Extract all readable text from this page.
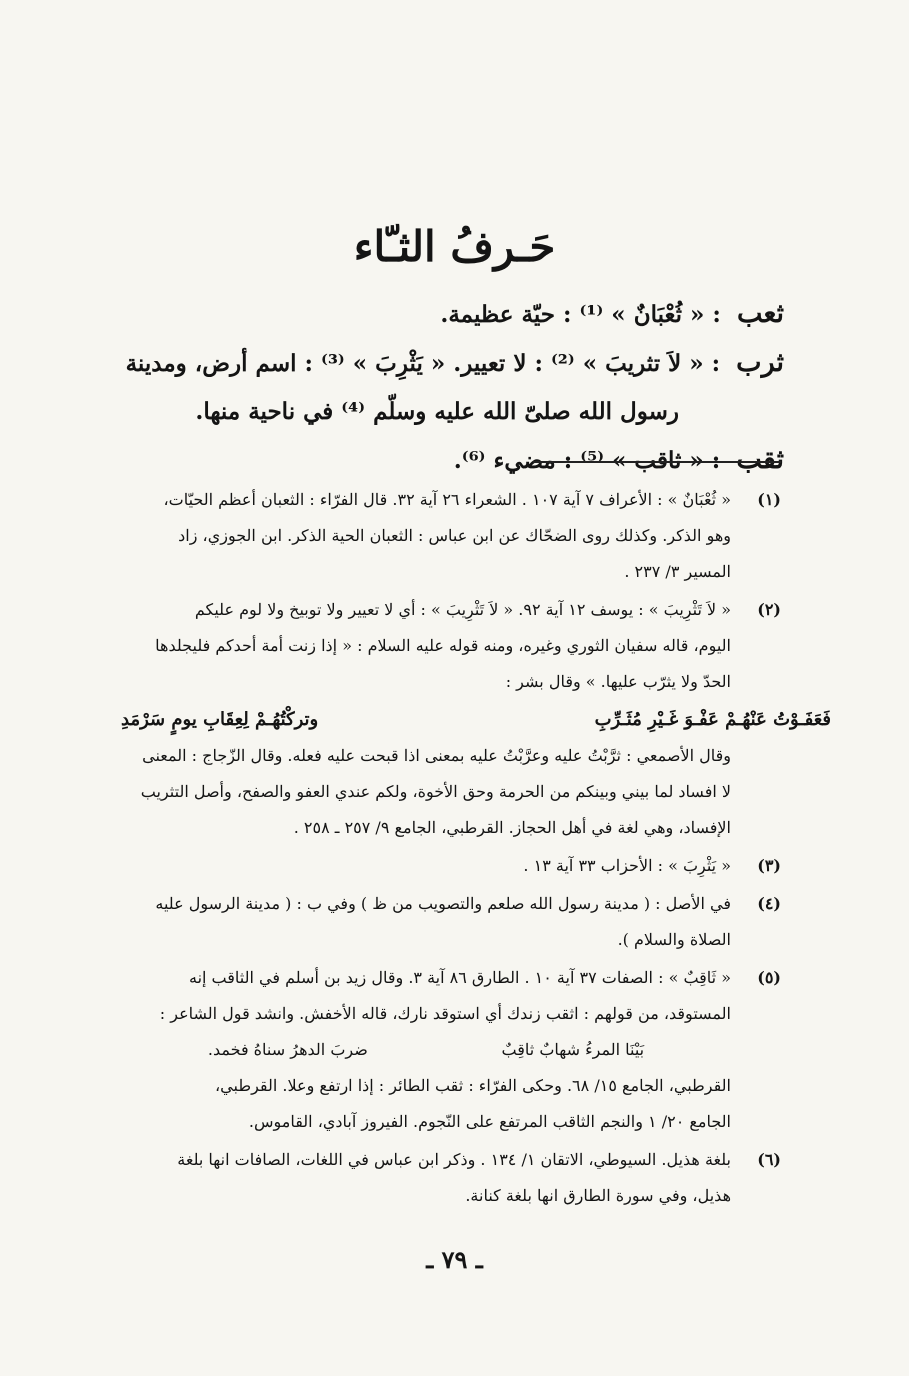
حَـرفُ الثـّاء
ثعب : « ثُعْبَانٌ » ⁽¹⁾ : حيّة عظيمة.
ثرب : « لاَ تثريبَ » ⁽²⁾ : لا تعيير. « يَثْرِبَ » ⁽³⁾ : اسم أرض، ومدينة
رسول الله صلىّ الله عليه وسلّم ⁽⁴⁾ في ناحية منها.
ثقب : « ثاقب » ⁽⁵⁾ : مضيء ⁽⁶⁾.
(١)

« ثُعْبَانٌ » : الأعراف ٧ آية ١٠٧ . الشعراء ٢٦ آية ٣٢. قال الفرّاء : الثعبان أعظم الحيّات،

وهو الذكر. وكذلك روى الضحّاك عن ابن عباس : الثعبان الحية الذكر. ابن الجوزي، زاد

المسير ٣/ ٢٣٧ .

(٢)

« لاَ تَثْرِيبَ » : يوسف ١٢ آية ٩٢. « لاَ تَثْرِيبَ » : أي لا تعيير ولا توبيخ ولا لوم عليكم

اليوم، قاله سفيان الثوري وغيره، ومنه قوله عليه السلام : « إذا زنت أمة أحدكم فليجلدها

الحدّ ولا يثرّب عليها. » وقال بشر :

فَعَفَـوْتُ عَنْهُـمْ عَفْـوَ غَـيْرِ مُثَـرِّبِ
وتركْتُهُـمْ لِعِقَابِ يومٍ سَرْمَدِ

وقال الأصمعي : ثرَّبْتُ عليه وعرَّبْتُ عليه بمعنى اذا قبحت عليه فعله. وقال الزّجاج : المعنى

لا افساد لما بيني وبينكم من الحرمة وحق الأخوة، ولكم عندي العفو والصفح، وأصل التثريب

الإفساد، وهي لغة في أهل الحجاز. القرطبي، الجامع ٩/ ٢٥٧ ـ ٢٥٨ .

(٣)

« يَثْرِبَ » : الأحزاب ٣٣ آية ١٣ .

(٤)

في الأصل : ( مدينة رسول الله صلعم والتصويب من ظ ) وفي ب : ( مدينة الرسول عليه

الصلاة والسلام ).

(٥)

« ثَاقِبٌ » : الصفات ٣٧ آية ١٠ . الطارق ٨٦ آية ٣. وقال زيد بن أسلم في الثاقب إنه

المستوقد، من قولهم : اثقب زندك أي استوقد نارك، قاله الأخفش. وانشد قول الشاعر :

بَيْنَا المرءُ شهابٌ ثاقِبٌ
ضربَ الدهرُ سناهُ فخمد.

القرطبي، الجامع ١٥/ ٦٨. وحكى الفرّاء : ثقب الطائر : إذا ارتفع وعلا. القرطبي،

الجامع ٢٠/ ١ والنجم الثاقب المرتفع على النّجوم. الفيروز آبادي، القاموس.

(٦)

بلغة هذيل. السيوطي، الاتقان ١/ ١٣٤ . وذكر ابن عباس في اللغات، الصافات انها بلغة

هذيل، وفي سورة الطارق انها بلغة كنانة.

ـ ٧٩ ـ
